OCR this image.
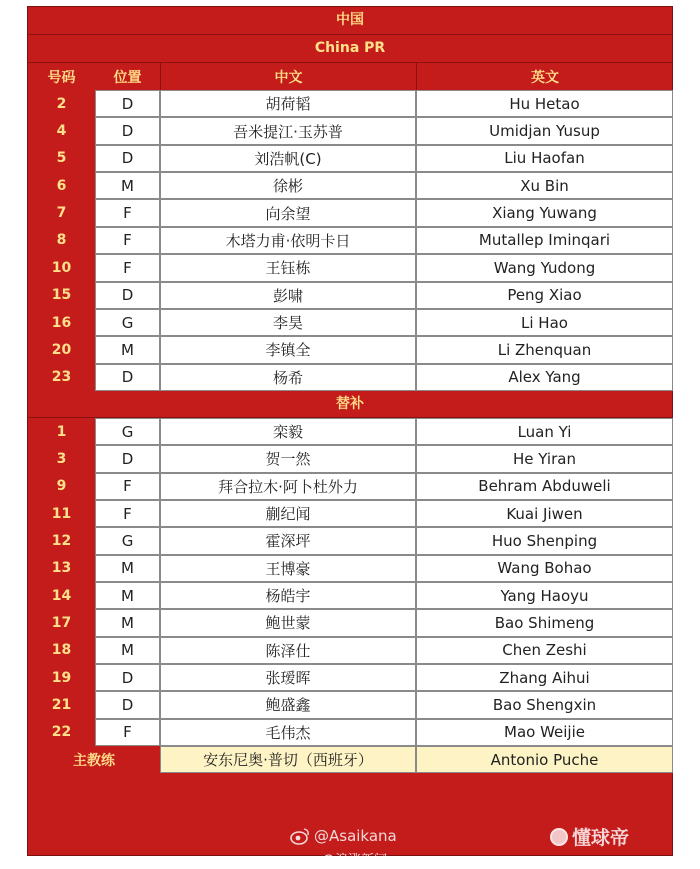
中国
China PR
号码	位置	中文	英文
2	D	胡荷韬	Hu Hetao
4	D	吾米提江·玉苏普	Umidjan Yusup
5	D	刘浩帆(C)	Liu Haofan
6	M	徐彬	Xu Bin
7	F	向余望	Xiang Yuwang
8	F	木塔力甫·依明卡日	Mutallep Iminqari
10	F	王钰栋	Wang Yudong
15	D	彭啸	Peng Xiao
16	G	李昊	Li Hao
20	M	李镇全	Li Zhenquan
23	D	杨希	Alex Yang
替补
1	G	栾毅	Luan Yi
3	D	贺一然	He Yiran
9	F	拜合拉木·阿卜杜外力	Behram Abduweli
11	F	蒯纪闻	Kuai Jiwen
12	G	霍深坪	Huo Shenping
13	M	王博豪	Wang Bohao
14	M	杨皓宇	Yang Haoyu
17	M	鲍世蒙	Bao Shimeng
18	M	陈泽仕	Chen Zeshi
19	D	张瑷晖	Zhang Aihui
21	D	鲍盛鑫	Bao Shengxin
22	F	毛伟杰	Mao Weijie
主教练	安东尼奥·普切（西班牙）	Antonio Puche
@Asaikana
@浪涨新闻
懂球帝
